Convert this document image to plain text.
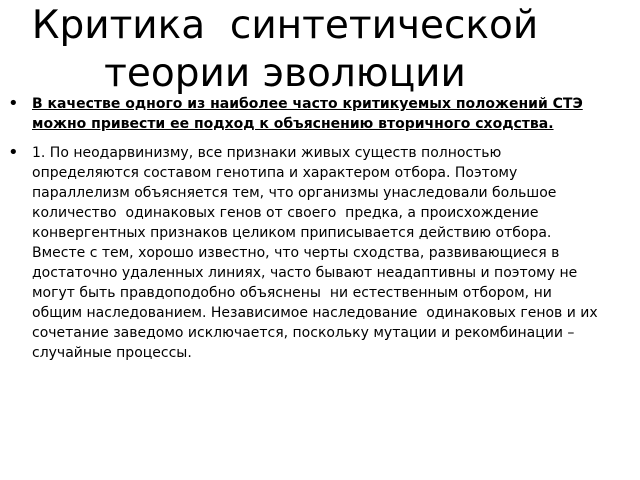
Критика  синтетической
теории эволюции
• В качестве одного из наиболее часто критикуемых положений СТЭ можно привести ее подход к объяснению вторичного сходства.
• 1. По неодарвинизму, все признаки живых существ полностью определяются составом генотипа и характером отбора. Поэтому параллелизм объясняется тем, что организмы унаследовали большое количество  одинаковых генов от своего  предка, а происхождение конвергентных признаков целиком приписывается действию отбора. Вместе с тем, хорошо известно, что черты сходства, развивающиеся в достаточно удаленных линиях, часто бывают неадаптивны и поэтому не могут быть правдоподобно объяснены  ни естественным отбором, ни общим наследованием. Независимое наследование  одинаковых генов и их сочетание заведомо исключается, поскольку мутации и рекомбинации – случайные процессы.
